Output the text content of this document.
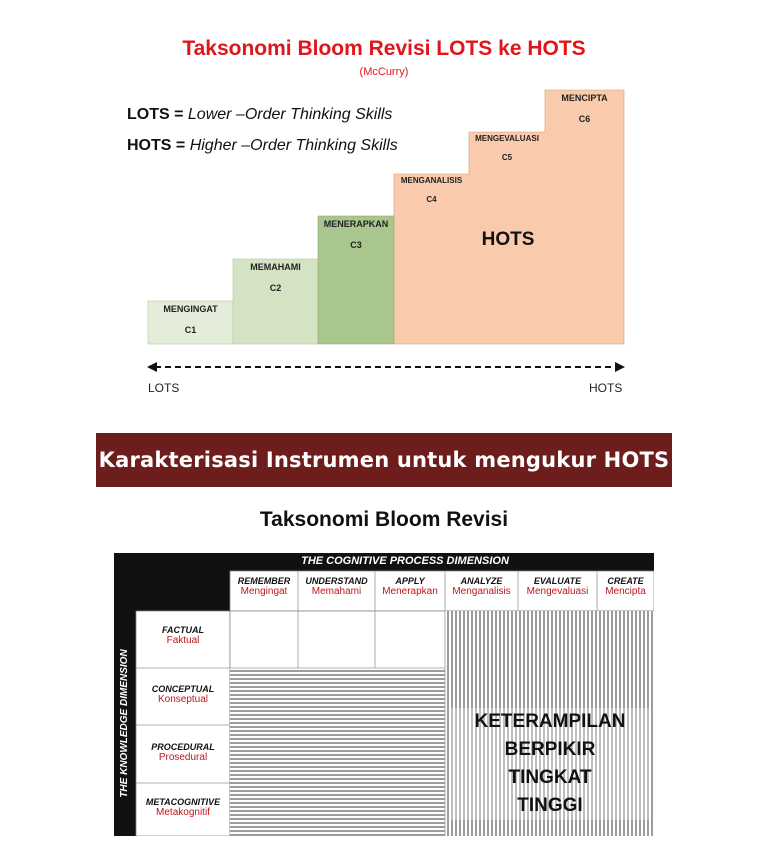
Taksonomi Bloom Revisi LOTS ke HOTS
(McCurry)
LOTS = Lower –Order Thinking Skills
HOTS = Higher –Order Thinking Skills
MENGINGAT
C1
MEMAHAMI
C2
MENERAPKAN
C3
MENGANALISIS
C4
MENGEVALUASI
C5
MENCIPTA
C6
HOTS
LOTS	HOTS
Karakterisasi Instrumen untuk mengukur HOTS
Taksonomi Bloom Revisi
THE COGNITIVE PROCESS DIMENSION
REMEMBER
Mengingat
UNDERSTAND
Memahami
APPLY
Menerapkan
ANALYZE
Menganalisis
EVALUATE
Mengevaluasi
CREATE
Mencipta
THE KNOWLEDGE DIMENSION
FACTUAL
Faktual
CONCEPTUAL
Konseptual
PROCEDURAL
Prosedural
METACOGNITIVE
Metakognitif
KETERAMPILAN
BERPIKIR
TINGKAT
TINGGI
